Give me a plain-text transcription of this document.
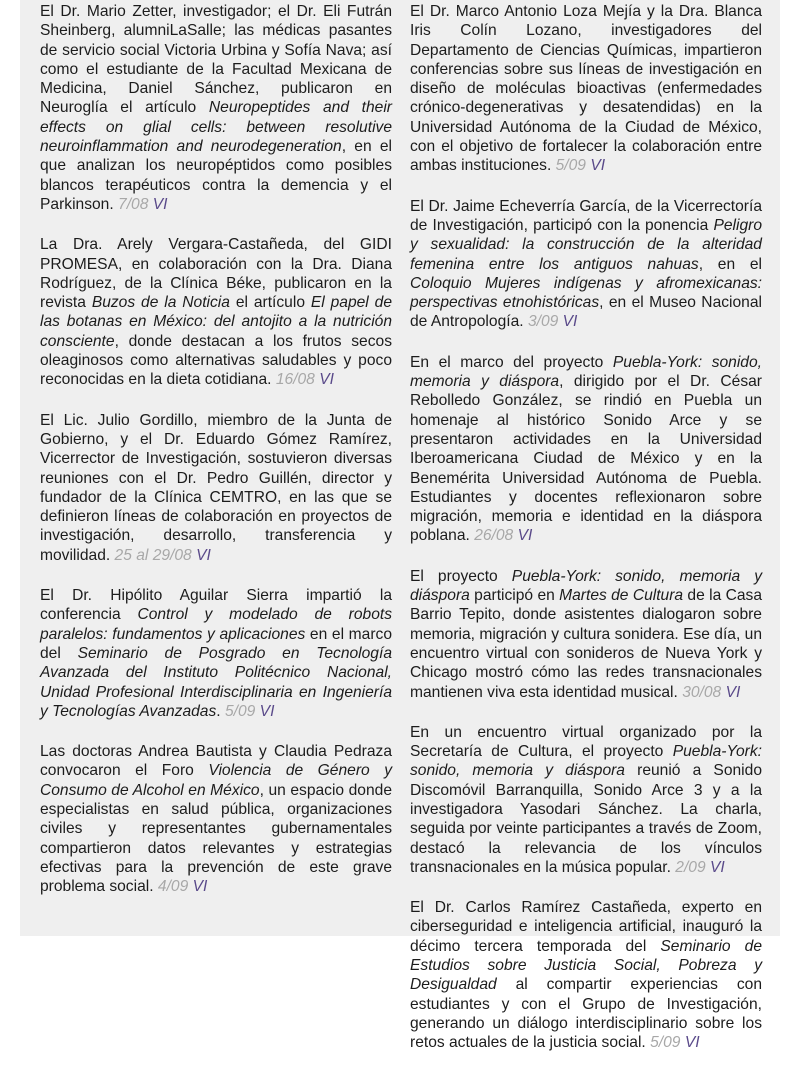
El Dr. Mario Zetter, investigador; el Dr. Eli Futrán Sheinberg, alumniLaSalle; las médicas pasantes de servicio social Victoria Urbina y Sofía Nava; así como el estudiante de la Facultad Mexicana de Medicina, Daniel Sánchez, publicaron en Neuroglía el artículo Neuropeptides and their effects on glial cells: between resolutive neuroinflammation and neurodegeneration, en el que analizan los neuropéptidos como posibles blancos terapéuticos contra la demencia y el Parkinson. 7/08 VI

La Dra. Arely Vergara-Castañeda, del GIDI PROMESA, en colaboración con la Dra. Diana Rodríguez, de la Clínica Béke, publicaron en la revista Buzos de la Noticia el artículo El papel de las botanas en México: del antojito a la nutrición consciente, donde destacan a los frutos secos oleaginosos como alternativas saludables y poco reconocidas en la dieta cotidiana. 16/08 VI

El Lic. Julio Gordillo, miembro de la Junta de Gobierno, y el Dr. Eduardo Gómez Ramírez, Vicerrector de Investigación, sostuvieron diversas reuniones con el Dr. Pedro Guillén, director y fundador de la Clínica CEMTRO, en las que se definieron líneas de colaboración en proyectos de investigación, desarrollo, transferencia y movilidad. 25 al 29/08 VI

El Dr. Hipólito Aguilar Sierra impartió la conferencia Control y modelado de robots paralelos: fundamentos y aplicaciones en el marco del Seminario de Posgrado en Tecnología Avanzada del Instituto Politécnico Nacional, Unidad Profesional Interdisciplinaria en Ingeniería y Tecnologías Avanzadas. 5/09 VI

Las doctoras Andrea Bautista y Claudia Pedraza convocaron el Foro Violencia de Género y Consumo de Alcohol en México, un espacio donde especialistas en salud pública, organizaciones civiles y representantes gubernamentales compartieron datos relevantes y estrategias efectivas para la prevención de este grave problema social. 4/09 VI

El Dr. Marco Antonio Loza Mejía y la Dra. Blanca Iris Colín Lozano, investigadores del Departamento de Ciencias Químicas, impartieron conferencias sobre sus líneas de investigación en diseño de moléculas bioactivas (enfermedades crónico-degenerativas y desatendidas) en la Universidad Autónoma de la Ciudad de México, con el objetivo de fortalecer la colaboración entre ambas instituciones. 5/09 VI

El Dr. Jaime Echeverría García, de la Vicerrectoría de Investigación, participó con la ponencia Peligro y sexualidad: la construcción de la alteridad femenina entre los antiguos nahuas, en el Coloquio Mujeres indígenas y afromexicanas: perspectivas etnohistóricas, en el Museo Nacional de Antropología. 3/09 VI

En el marco del proyecto Puebla-York: sonido, memoria y diáspora, dirigido por el Dr. César Rebolledo González, se rindió en Puebla un homenaje al histórico Sonido Arce y se presentaron actividades en la Universidad Iberoamericana Ciudad de México y en la Benemérita Universidad Autónoma de Puebla. Estudiantes y docentes reflexionaron sobre migración, memoria e identidad en la diáspora poblana. 26/08 VI

El proyecto Puebla-York: sonido, memoria y diáspora participó en Martes de Cultura de la Casa Barrio Tepito, donde asistentes dialogaron sobre memoria, migración y cultura sonidera. Ese día, un encuentro virtual con sonideros de Nueva York y Chicago mostró cómo las redes transnacionales mantienen viva esta identidad musical. 30/08 VI

En un encuentro virtual organizado por la Secretaría de Cultura, el proyecto Puebla-York: sonido, memoria y diáspora reunió a Sonido Discomóvil Barranquilla, Sonido Arce 3 y a la investigadora Yasodari Sánchez. La charla, seguida por veinte participantes a través de Zoom, destacó la relevancia de los vínculos transnacionales en la música popular. 2/09 VI

El Dr. Carlos Ramírez Castañeda, experto en ciberseguridad e inteligencia artificial, inauguró la décimo tercera temporada del Seminario de Estudios sobre Justicia Social, Pobreza y Desigualdad al compartir experiencias con estudiantes y con el Grupo de Investigación, generando un diálogo interdisciplinario sobre los retos actuales de la justicia social. 5/09 VI
